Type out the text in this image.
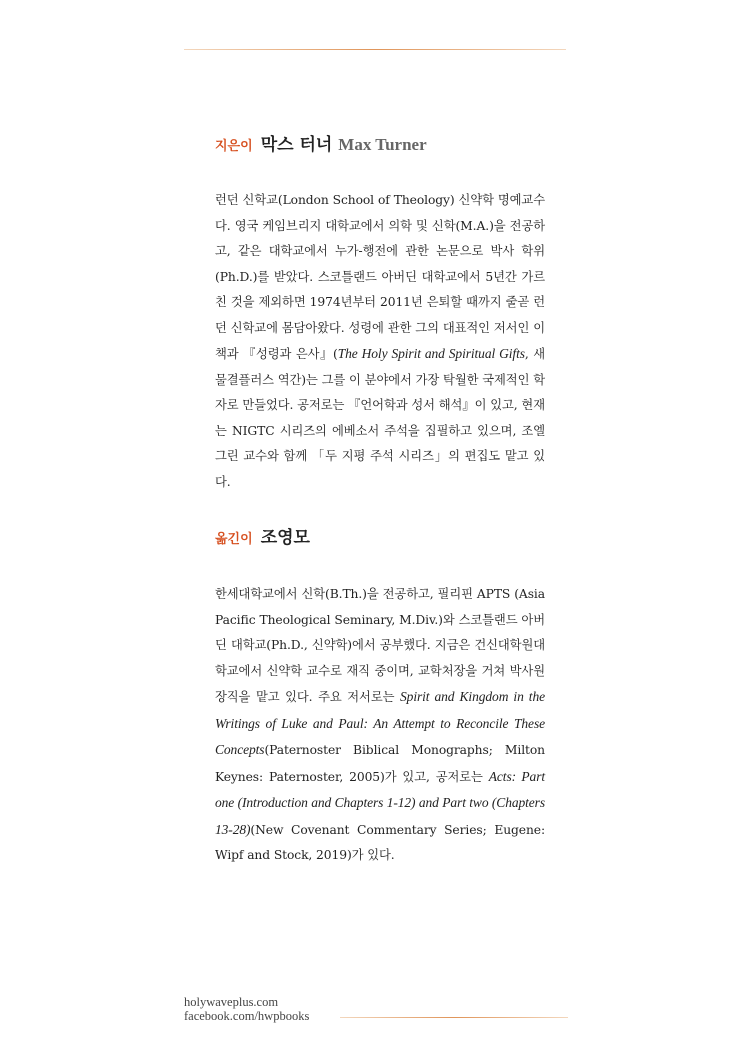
지은이 막스 터너 Max Turner

런던 신학교(London School of Theology) 신약학 명예교수다. 영국 케임브리지 대학교에서 의학 및 신학(M.A.)을 전공하고, 같은 대학교에서 누가-행전에 관한 논문으로 박사 학위(Ph.D.)를 받았다. 스코틀랜드 아버딘 대학교에서 5년간 가르친 것을 제외하면 1974년부터 2011년 은퇴할 때까지 줄곧 런던 신학교에 몸담아왔다. 성령에 관한 그의 대표적인 저서인 이 책과 『성령과 은사』(The Holy Spirit and Spiritual Gifts, 새물결플러스 역간)는 그를 이 분야에서 가장 탁월한 국제적인 학자로 만들었다. 공저로는 『언어학과 성서 해석』이 있고, 현재는 NIGTC 시리즈의 에베소서 주석을 집필하고 있으며, 조엘 그린 교수와 함께 「두 지평 주석 시리즈」의 편집도 맡고 있다.

옮긴이 조영모

한세대학교에서 신학(B.Th.)을 전공하고, 필리핀 APTS (Asia Pacific Theological Seminary, M.Div.)와 스코틀랜드 아버딘 대학교(Ph.D., 신약학)에서 공부했다. 지금은 건신대학원대학교에서 신약학 교수로 재직 중이며, 교학처장을 거쳐 박사원장직을 맡고 있다. 주요 저서로는 Spirit and Kingdom in the Writings of Luke and Paul: An Attempt to Reconcile These Concepts(Paternoster Biblical Monographs; Milton Keynes: Paternoster, 2005)가 있고, 공저로는 Acts: Part one (Introduction and Chapters 1-12) and Part two (Chapters 13-28)(New Covenant Commentary Series; Eugene: Wipf and Stock, 2019)가 있다.

holywaveplus.com
facebook.com/hwpbooks
